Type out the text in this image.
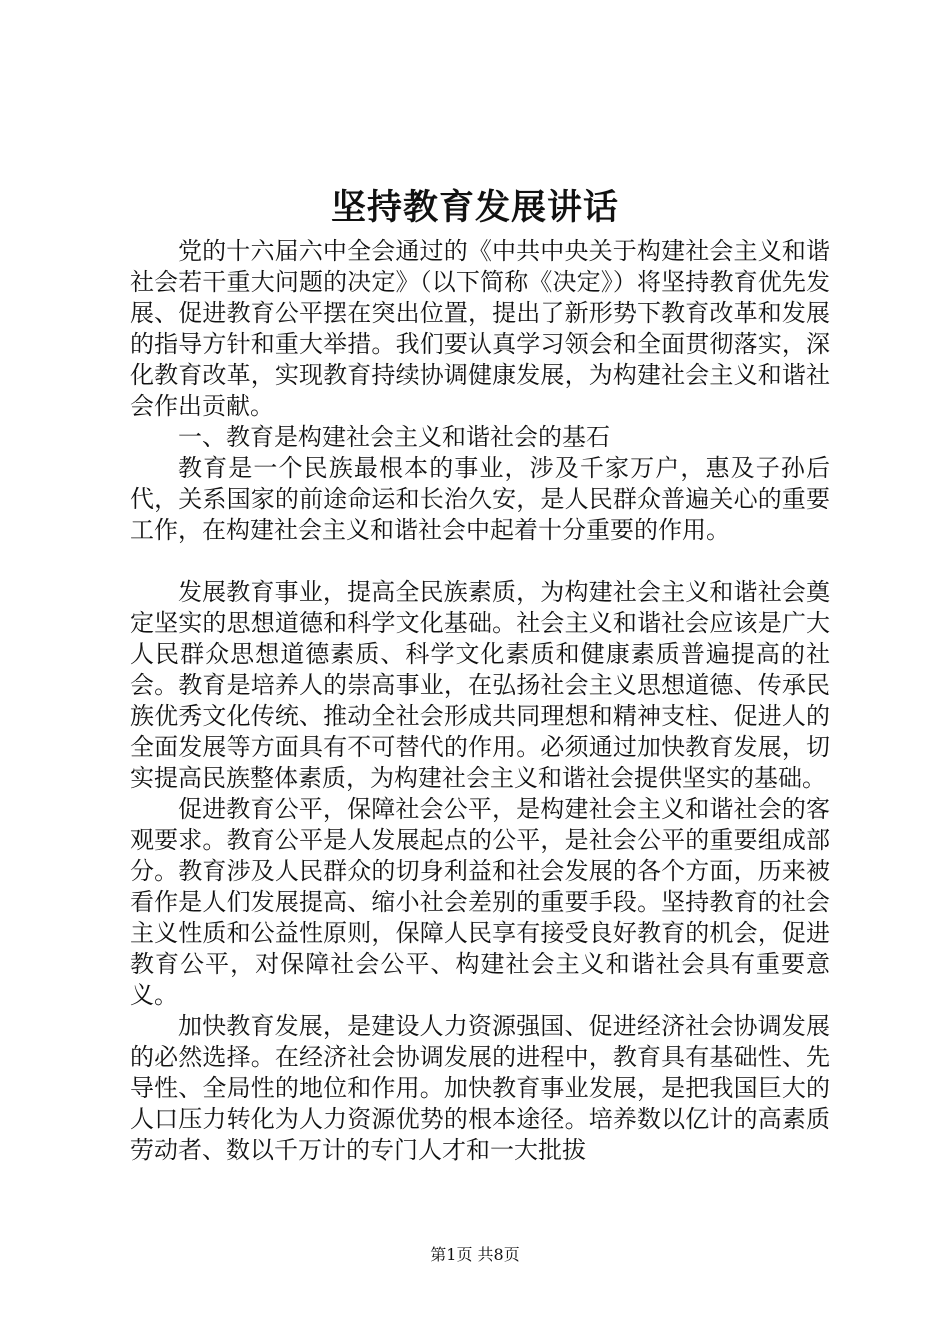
坚持教育发展讲话

党的十六届六中全会通过的《中共中央关于构建社会主义和谐社会若干重大问题的决定》（以下简称《决定》）将坚持教育优先发展、促进教育公平摆在突出位置，提出了新形势下教育改革和发展的指导方针和重大举措。我们要认真学习领会和全面贯彻落实，深化教育改革，实现教育持续协调健康发展，为构建社会主义和谐社会作出贡献。

一、教育是构建社会主义和谐社会的基石

教育是一个民族最根本的事业，涉及千家万户，惠及子孙后代，关系国家的前途命运和长治久安，是人民群众普遍关心的重要工作，在构建社会主义和谐社会中起着十分重要的作用。

发展教育事业，提高全民族素质，为构建社会主义和谐社会奠定坚实的思想道德和科学文化基础。社会主义和谐社会应该是广大人民群众思想道德素质、科学文化素质和健康素质普遍提高的社会。教育是培养人的崇高事业，在弘扬社会主义思想道德、传承民族优秀文化传统、推动全社会形成共同理想和精神支柱、促进人的全面发展等方面具有不可替代的作用。必须通过加快教育发展，切实提高民族整体素质，为构建社会主义和谐社会提供坚实的基础。

促进教育公平，保障社会公平，是构建社会主义和谐社会的客观要求。教育公平是人发展起点的公平，是社会公平的重要组成部分。教育涉及人民群众的切身利益和社会发展的各个方面，历来被看作是人们发展提高、缩小社会差别的重要手段。坚持教育的社会主义性质和公益性原则，保障人民享有接受良好教育的机会，促进教育公平，对保障社会公平、构建社会主义和谐社会具有重要意义。

加快教育发展，是建设人力资源强国、促进经济社会协调发展的必然选择。在经济社会协调发展的进程中，教育具有基础性、先导性、全局性的地位和作用。加快教育事业发展，是把我国巨大的人口压力转化为人力资源优势的根本途径。培养数以亿计的高素质劳动者、数以千万计的专门人才和一大批拔

第1页 共8页
